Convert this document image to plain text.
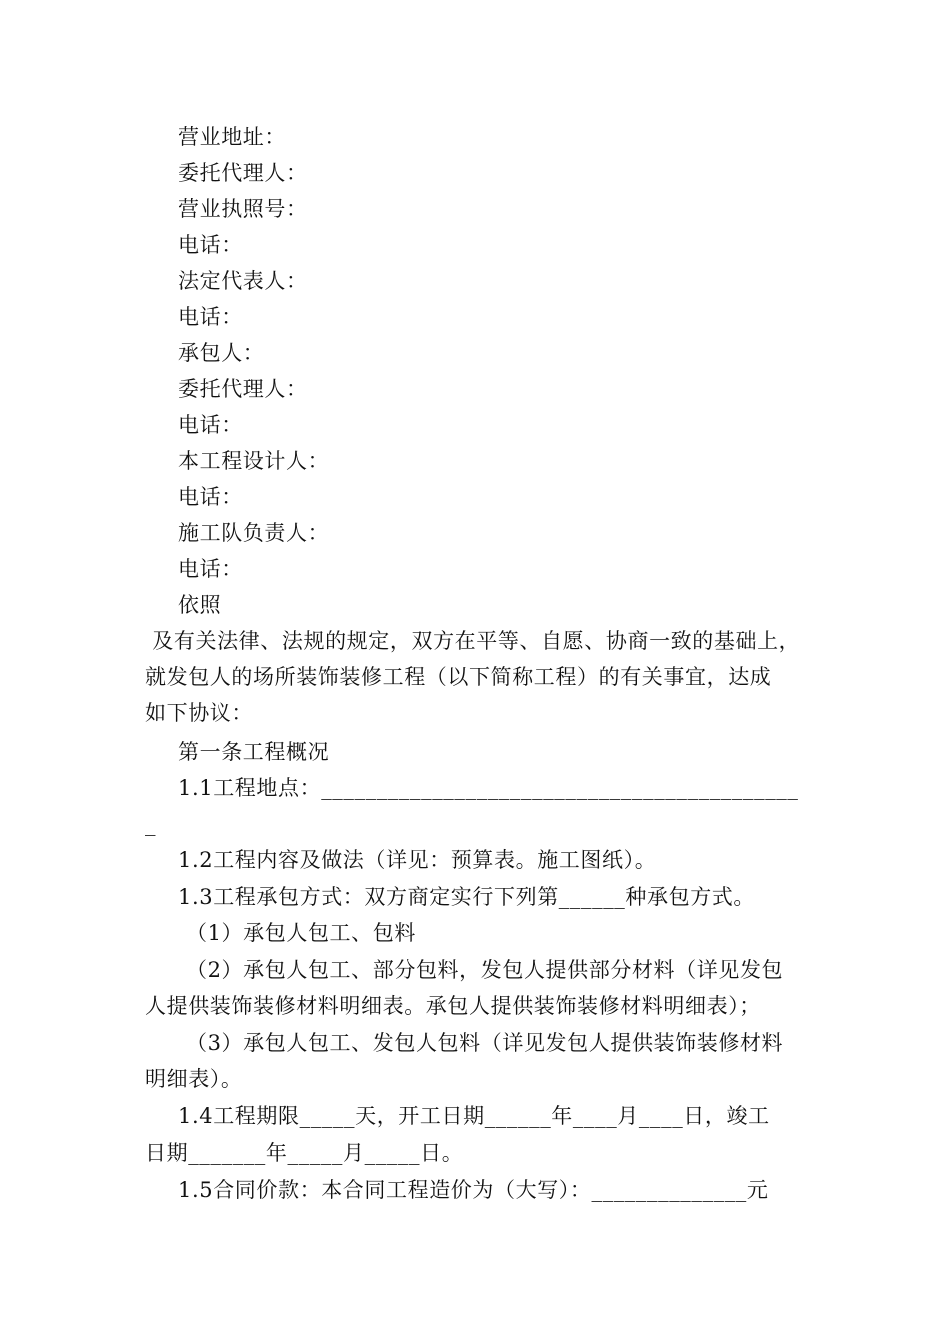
营业地址：
委托代理人：
营业执照号：
电话：
法定代表人：
电话：
承包人：
委托代理人：
电话：
本工程设计人：
电话：
施工队负责人：
电话：
依照
及有关法律、法规的规定，双方在平等、自愿、协商一致的基础上，
就发包人的场所装饰装修工程（以下简称工程）的有关事宜，达成
如下协议：
第一条工程概况
1.1工程地点：___________________________________________
_
1.2工程内容及做法（详见：预算表。施工图纸）。
1.3工程承包方式：双方商定实行下列第______种承包方式。
（1）承包人包工、包料
（2）承包人包工、部分包料，发包人提供部分材料（详见发包
人提供装饰装修材料明细表。承包人提供装饰装修材料明细表）；
（3）承包人包工、发包人包料（详见发包人提供装饰装修材料
明细表）。
1.4工程期限_____天，开工日期______年____月____日，竣工
日期_______年_____月_____日。
1.5合同价款：本合同工程造价为（大写）：______________元
